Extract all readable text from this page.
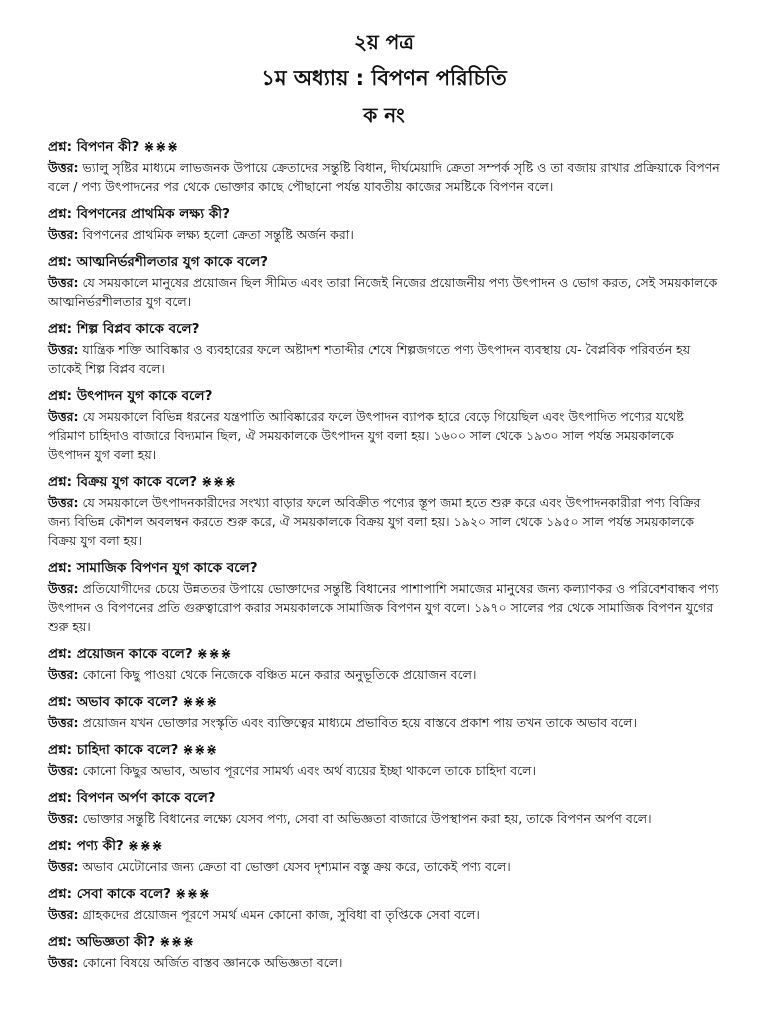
২য় পত্র
১ম অধ্যায় : বিপণন পরিচিতি
ক নং

প্রশ্ন: বিপণন কী? ⋇⋇⋇

উত্তর: ভ্যালু সৃষ্টির মাধ্যমে লাভজনক উপায়ে ক্রেতাদের সন্তুষ্টি বিধান, দীর্ঘমেয়াদি ক্রেতা সম্পর্ক সৃষ্টি ও তা বজায় রাখার প্রক্রিয়াকে বিপণন বলে / পণ্য উৎপাদনের পর থেকে ভোক্তার কাছে পৌছানো পর্যন্ত যাবতীয় কাজের সমষ্টিকে বিপণন বলে।

প্রশ্ন: বিপণনের প্রাথমিক লক্ষ্য কী?

উত্তর: বিপণনের প্রাথমিক লক্ষ্য হলো ক্রেতা সন্তুষ্টি অর্জন করা।

প্রশ্ন: আত্মনির্ভরশীলতার যুগ কাকে বলে?

উত্তর: যে সময়কালে মানুষের প্রয়োজন ছিল সীমিত এবং তারা নিজেই নিজের প্রয়োজনীয় পণ্য উৎপাদন ও ভোগ করত, সেই সময়কালকে আত্মনির্ভরশীলতার যুগ বলে।

প্রশ্ন: শিল্প বিপ্লব কাকে বলে?

উত্তর: যান্ত্রিক শক্তি আবিষ্কার ও ব্যবহারের ফলে অষ্টাদশ শতাব্দীর শেষে শিল্পজগতে পণ্য উৎপাদন ব্যবস্থায় যে- বৈপ্লবিক পরিবর্তন হয় তাকেই শিল্প বিপ্লব বলে।

প্রশ্ন: উৎপাদন যুগ কাকে বলে?

উত্তর: যে সময়কালে বিভিন্ন ধরনের যন্ত্রপাতি আবিষ্কারের ফলে উৎপাদন ব্যাপক হারে বেড়ে গিয়েছিল এবং উৎপাদিত পণ্যের যথেষ্ট পরিমাণ চাহিদাও বাজারে বিদ্যমান ছিল, ঐ সময়কালকে উৎপাদন যুগ বলা হয়। ১৬০০ সাল থেকে ১৯৩০ সাল পর্যন্ত সময়কালকে উৎপাদন যুগ বলা হয়।

প্রশ্ন: বিক্রয় যুগ কাকে বলে? ⋇⋇⋇

উত্তর: যে সময়কালে উৎপাদনকারীদের সংখ্যা বাড়ার ফলে অবিক্রীত পণ্যের স্তূপ জমা হতে শুরু করে এবং উৎপাদনকারীরা পণ্য বিক্রির জন্য বিভিন্ন কৌশল অবলম্বন করতে শুরু করে, ঐ সময়কালকে বিক্রয় যুগ বলা হয়। ১৯২০ সাল থেকে ১৯৫০ সাল পর্যন্ত সময়কালকে বিক্রয় যুগ বলা হয়।

প্রশ্ন: সামাজিক বিপণন যুগ কাকে বলে?

উত্তর: প্রতিযোগীদের চেয়ে উন্নততর উপায়ে ভোক্তাদের সন্তুষ্টি বিধানের পাশাপাশি সমাজের মানুষের জন্য কল্যাণকর ও পরিবেশবান্ধব পণ্য উৎপাদন ও বিপণনের প্রতি গুরুত্বারোপ করার সময়কালকে সামাজিক বিপণন যুগ বলে। ১৯৭০ সালের পর থেকে সামাজিক বিপণন যুগের শুরু হয়।

প্রশ্ন: প্রয়োজন কাকে বলে? ⋇⋇⋇

উত্তর: কোনো কিছু পাওয়া থেকে নিজেকে বঞ্চিত মনে করার অনুভূতিকে প্রয়োজন বলে।

প্রশ্ন: অভাব কাকে বলে? ⋇⋇⋇

উত্তর: প্রয়োজন যখন ভোক্তার সংস্কৃতি এবং ব্যক্তিত্বের মাধ্যমে প্রভাবিত হয়ে বাস্তবে প্রকাশ পায় তখন তাকে অভাব বলে।

প্রশ্ন: চাহিদা কাকে বলে? ⋇⋇⋇

উত্তর: কোনো কিছুর অভাব, অভাব পূরণের সামর্থ্য এবং অর্থ ব্যয়ের ইচ্ছা থাকলে তাকে চাহিদা বলে।

প্রশ্ন: বিপণন অর্পণ কাকে বলে?

উত্তর: ভোক্তার সন্তুষ্টি বিধানের লক্ষ্যে যেসব পণ্য, সেবা বা অভিজ্ঞতা বাজারে উপস্থাপন করা হয়, তাকে বিপণন অর্পণ বলে।

প্রশ্ন: পণ্য কী? ⋇⋇⋇

উত্তর: অভাব মেটোনোর জন্য ক্রেতা বা ভোক্তা যেসব দৃশ্যমান বস্তু ক্রয় করে, তাকেই পণ্য বলে।

প্রশ্ন: সেবা কাকে বলে? ⋇⋇⋇

উত্তর: গ্রাহকদের প্রয়োজন পূরণে সমর্থ এমন কোনো কাজ, সুবিধা বা তৃপ্তিকে সেবা বলে।

প্রশ্ন: অভিজ্ঞতা কী? ⋇⋇⋇

উত্তর: কোনো বিষয়ে অর্জিত বাস্তব জ্ঞানকে অভিজ্ঞতা বলে।
